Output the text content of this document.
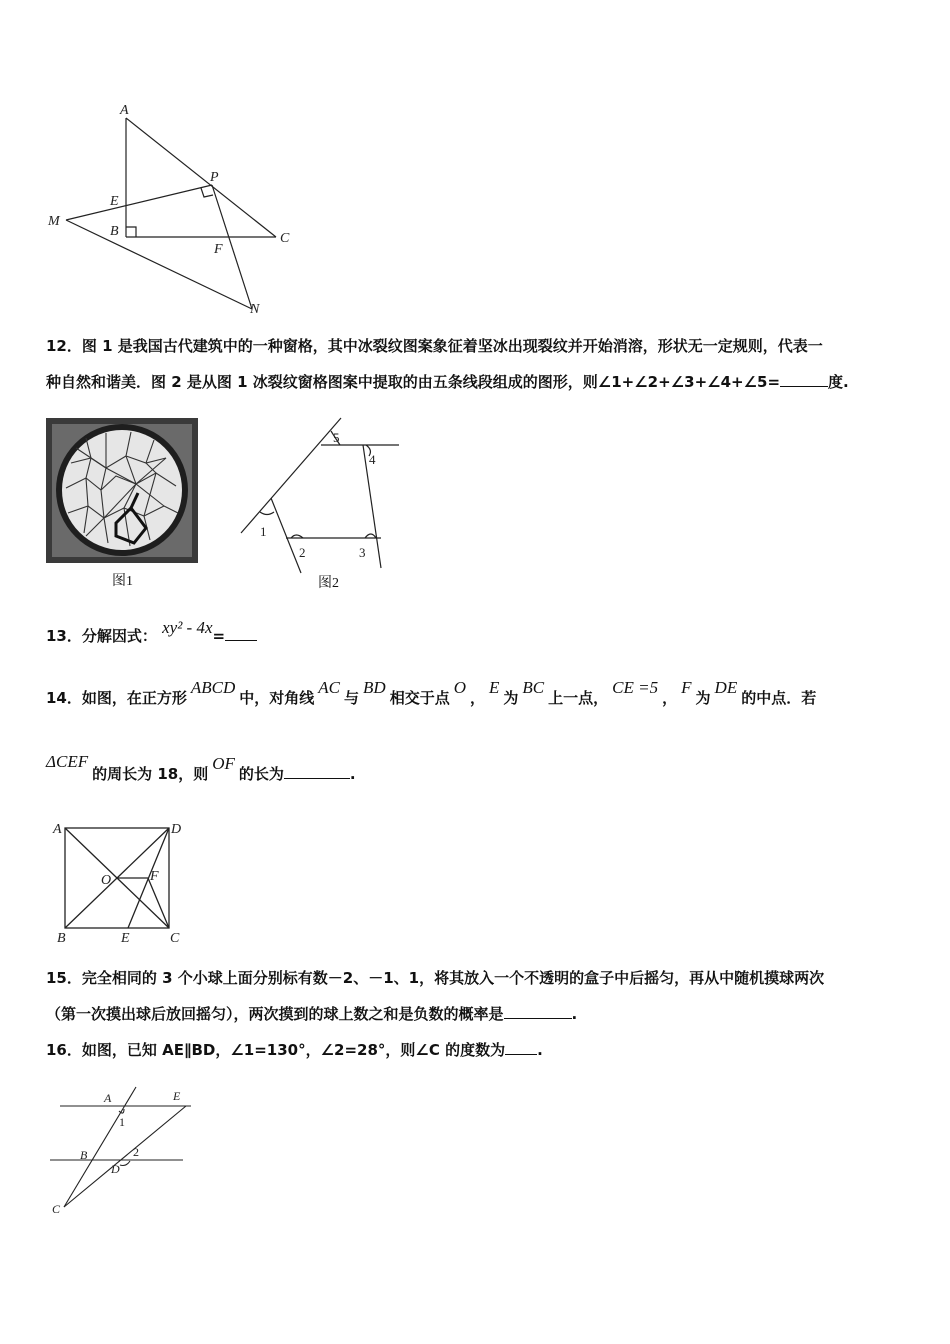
A
P
E
M
B	C
F
N
12．图 1 是我国古代建筑中的一种窗格，其中冰裂纹图案象征着坚冰出现裂纹并开始消溶，形状无一定规则，代表一
种自然和谐美．图 2 是从图 1 冰裂纹窗格图案中提取的由五条线段组成的图形，则∠1+∠2+∠3+∠4+∠5=	度.
图1
5
4
1
2	3
图2
13．分解因式： xy² - 4x=
14．如图，在正方形ABCD中，对角线AC与BD相交于点O，E为BC上一点，CE =5，F为DE的中点．若
ΔCEF的周长为 18，则OF的长为	.
A	D
O	F
B	E	C
15．完全相同的 3 个小球上面分别标有数－2、－1、1，将其放入一个不透明的盒子中后摇匀，再从中随机摸球两次
（第一次摸出球后放回摇匀），两次摸到的球上数之和是负数的概率是	.
16．如图，已知 AE∥BD，∠1=130°，∠2=28°，则∠C 的度数为 .
A	E
1
B	2
D
C
